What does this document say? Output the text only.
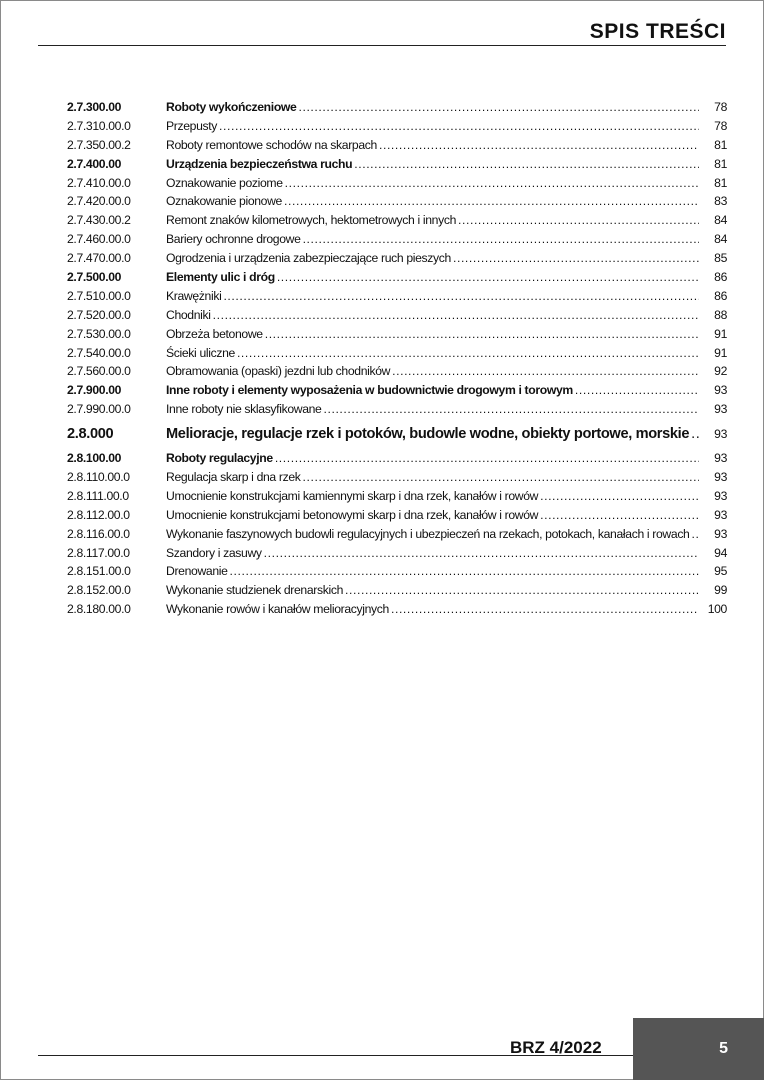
SPIS TREŚCI
2.7.300.00	Roboty wykończeniowe .....	78
2.7.310.00.0	Przepusty .....	78
2.7.350.00.2	Roboty remontowe schodów na skarpach .....	81
2.7.400.00	Urządzenia bezpieczeństwa ruchu .....	81
2.7.410.00.0	Oznakowanie poziome .....	81
2.7.420.00.0	Oznakowanie pionowe .....	83
2.7.430.00.2	Remont znaków kilometrowych, hektometrowych i innych .....	84
2.7.460.00.0	Bariery ochronne drogowe .....	84
2.7.470.00.0	Ogrodzenia i urządzenia zabezpieczające ruch pieszych .....	85
2.7.500.00	Elementy ulic i dróg .....	86
2.7.510.00.0	Krawężniki .....	86
2.7.520.00.0	Chodniki .....	88
2.7.530.00.0	Obrzeża betonowe .....	91
2.7.540.00.0	Ścieki uliczne .....	91
2.7.560.00.0	Obramowania (opaski) jezdni lub chodników .....	92
2.7.900.00	Inne roboty i elementy wyposażenia w budownictwie drogowym i torowym .....	93
2.7.990.00.0	Inne roboty nie sklasyfikowane .....	93
2.8.000	Melioracje, regulacje rzek i potoków, budowle wodne, obiekty portowe, morskie .....	93
2.8.100.00	Roboty regulacyjne .....	93
2.8.110.00.0	Regulacja skarp i dna rzek .....	93
2.8.111.00.0	Umocnienie konstrukcjami kamiennymi skarp i dna rzek, kanałów i rowów .....	93
2.8.112.00.0	Umocnienie konstrukcjami betonowymi skarp i dna rzek, kanałów i rowów .....	93
2.8.116.00.0	Wykonanie faszynowych budowli regulacyjnych i ubezpieczeń na rzekach, potokach, kanałach i rowach .....	93
2.8.117.00.0	Szandory i zasuwy .....	94
2.8.151.00.0	Drenowanie .....	95
2.8.152.00.0	Wykonanie studzienek drenarskich .....	99
2.8.180.00.0	Wykonanie rowów i kanałów melioracyjnych .....	100
BRZ 4/2022	5
